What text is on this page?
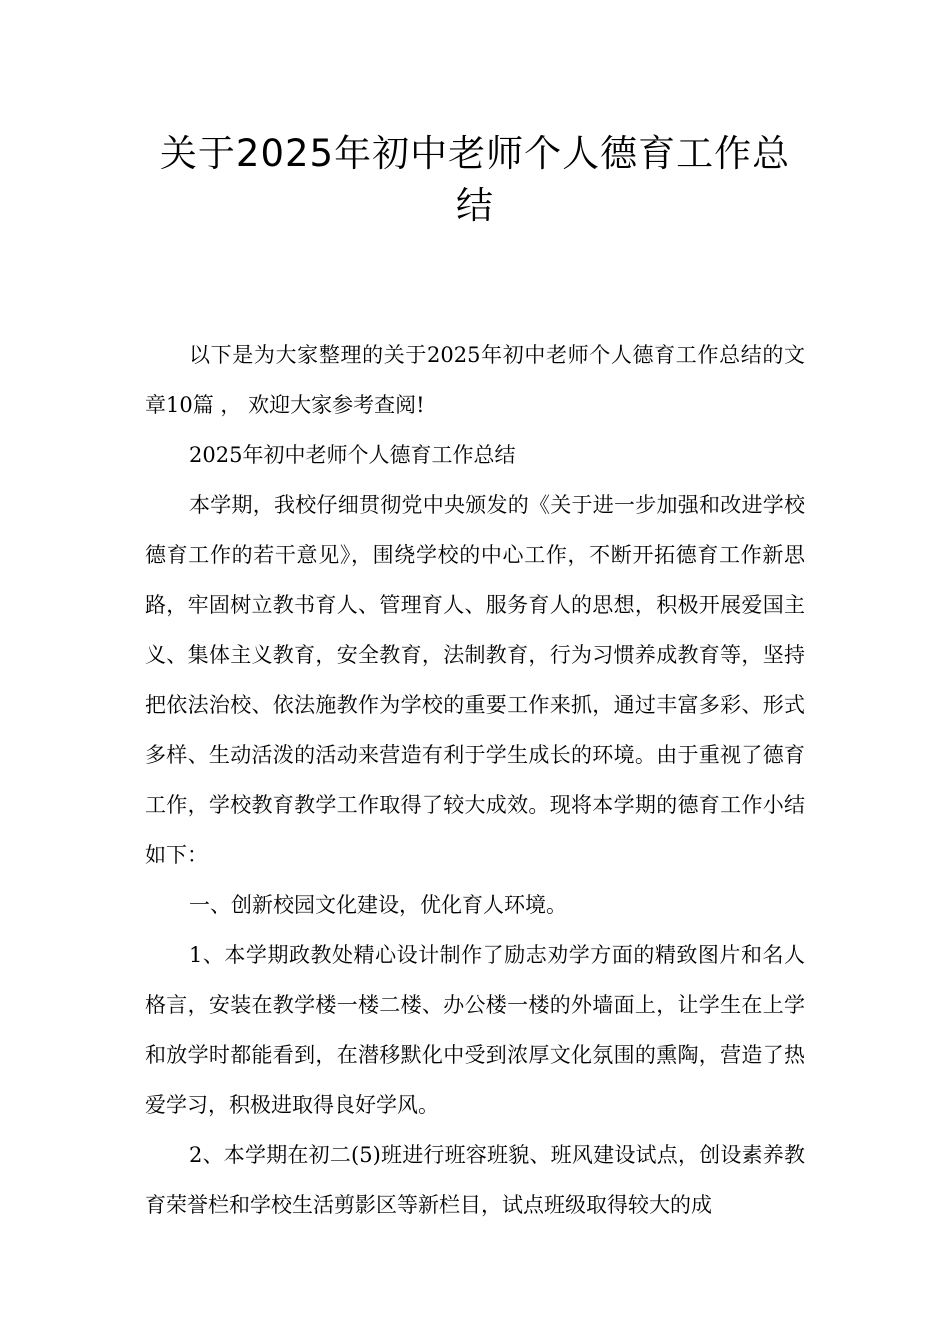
关于2025年初中老师个人德育工作总结

以下是为大家整理的关于2025年初中老师个人德育工作总结的文章10篇 ， 欢迎大家参考查阅!

2025年初中老师个人德育工作总结

本学期，我校仔细贯彻党中央颁发的《关于进一步加强和改进学校德育工作的若干意见》，围绕学校的中心工作，不断开拓德育工作新思路，牢固树立教书育人、管理育人、服务育人的思想，积极开展爱国主义、集体主义教育，安全教育，法制教育，行为习惯养成教育等，坚持把依法治校、依法施教作为学校的重要工作来抓，通过丰富多彩、形式多样、生动活泼的活动来营造有利于学生成长的环境。由于重视了德育工作，学校教育教学工作取得了较大成效。现将本学期的德育工作小结如下：

一、创新校园文化建设，优化育人环境。

1、本学期政教处精心设计制作了励志劝学方面的精致图片和名人格言，安装在教学楼一楼二楼、办公楼一楼的外墙面上，让学生在上学和放学时都能看到，在潜移默化中受到浓厚文化氛围的熏陶，营造了热爱学习，积极进取得良好学风。

2、本学期在初二(5)班进行班容班貌、班风建设试点，创设素养教育荣誉栏和学校生活剪影区等新栏目，试点班级取得较大的成
